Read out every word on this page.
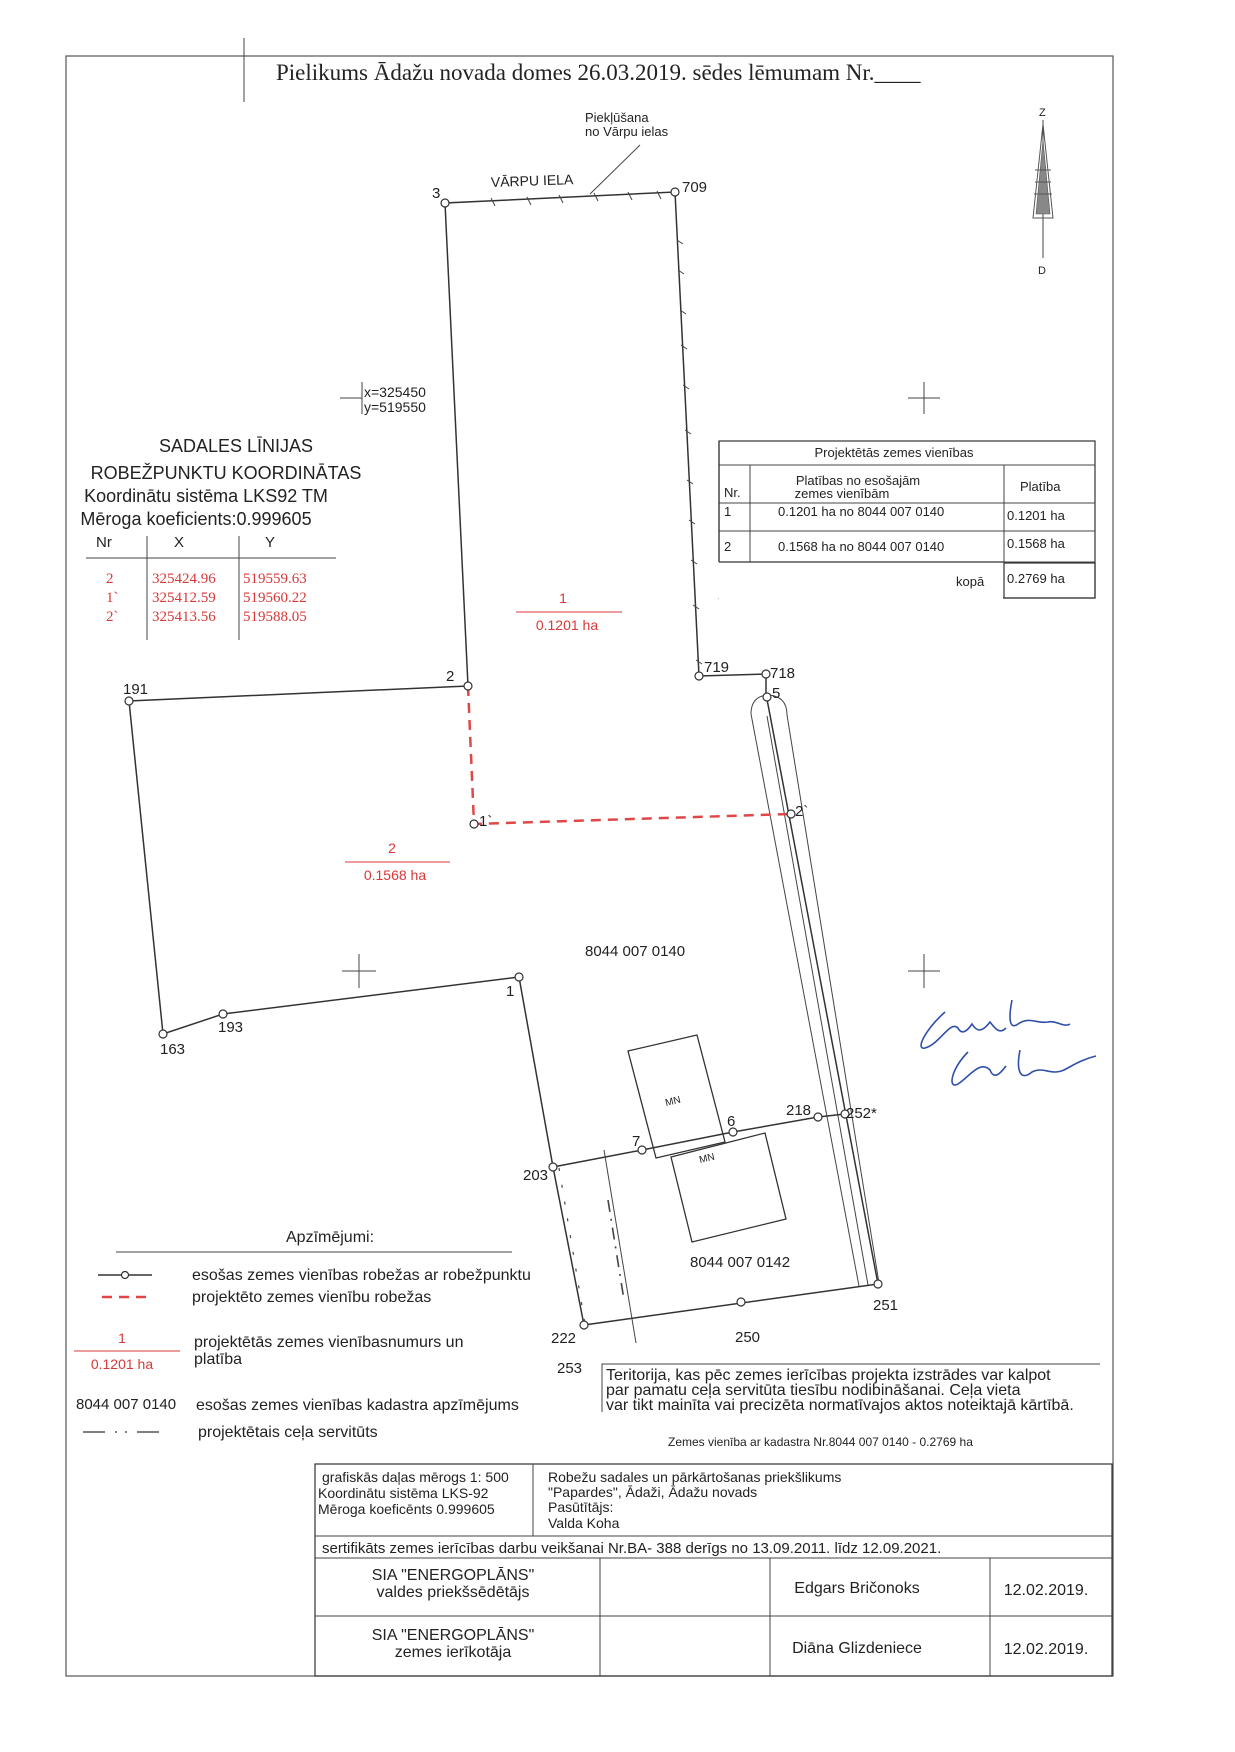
Pielikums Ādažu novada domes 26.03.2019. sēdes lēmumam Nr.____
Z
D
x=325450
y=519550
Piekļūšana
no Vārpu ielas
VĀRPU IELA
MN
MN
3	709
2
191
719	718
5
1`
2`
1
193
163
7
6
218 252*
203
222
253
250
251
1
0.1201 ha
2
0.1568 ha
8044 007 0140
8044 007 0142
SADALES LĪNIJAS
ROBEŽPUNKTU KOORDINĀTAS
Koordinātu sistēma LKS92 TM
Mēroga koeficients:0.999605
Nr	X	Y
2	325424.96 519559.63
1` 325412.59 519560.22
2` 325413.56 519588.05
Projektētās zemes vienības
Nr.
Platības no esošajām
zemes vienībām	Platība
1	0.1201 ha no 8044 007 0140	0.1201 ha
2	0.1568 ha no 8044 007 0140	0.1568 ha
kopā 0.2769 ha
Apzīmējumi:
esošas zemes vienības robežas ar robežpunktu
projektēto zemes vienību robežas
1
0.1201 ha
projektētās zemes vienībasnumurs un
platība
8044 007 0140 esošas zemes vienības kadastra apzīmējums
projektētais ceļa servitūts
Teritorija, kas pēc zemes ierīcības projekta izstrādes var kalpot
par pamatu ceļa servitūta tiesību nodibināšanai. Ceļa vieta
var tikt mainīta vai precizēta normatīvajos aktos noteiktajā kārtībā.
Zemes vienība ar kadastra Nr.8044 007 0140 - 0.2769 ha
grafiskās daļas mērogs 1: 500
Koordinātu sistēma LKS-92
Mēroga koeficēnts 0.999605
Robežu sadales un pārkārtošanas priekšlikums
"Papardes", Ādaži, Ādažu novads
Pasūtītājs:
Valda Koha
sertifikāts zemes ierīcības darbu veikšanai Nr.BA- 388 derīgs no 13.09.2011. līdz 12.09.2021.
SIA "ENERGOPLĀNS"
valdes priekšsēdētājs	Edgars Bričonoks	12.02.2019.
SIA "ENERGOPLĀNS"
zemes ierīkotāja	Diāna Glizdeniece	12.02.2019.
